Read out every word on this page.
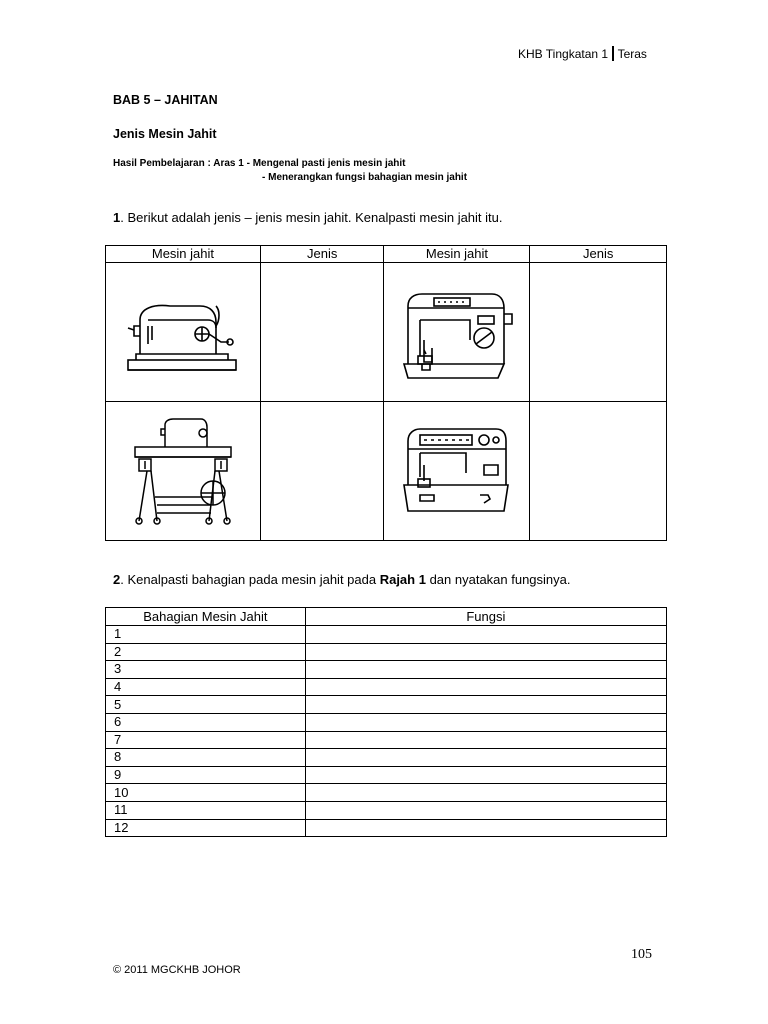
KHB Tingkatan 1 Teras
BAB 5 – JAHITAN
Jenis Mesin Jahit
Hasil Pembelajaran : Aras 1 - Mengenal pasti jenis mesin jahit
- Menerangkan fungsi bahagian mesin jahit
1. Berikut adalah jenis – jenis mesin jahit. Kenalpasti mesin jahit itu.
Mesin jahit	Jenis	Mesin jahit	Jenis

2. Kenalpasti bahagian pada mesin jahit pada Rajah 1 dan nyatakan fungsinya.
Bahagian Mesin Jahit	Fungsi
1	
2	
3	
4	
5	
6	
7	
8	
9	
10	
11	
12	
105
© 2011 MGCKHB JOHOR
